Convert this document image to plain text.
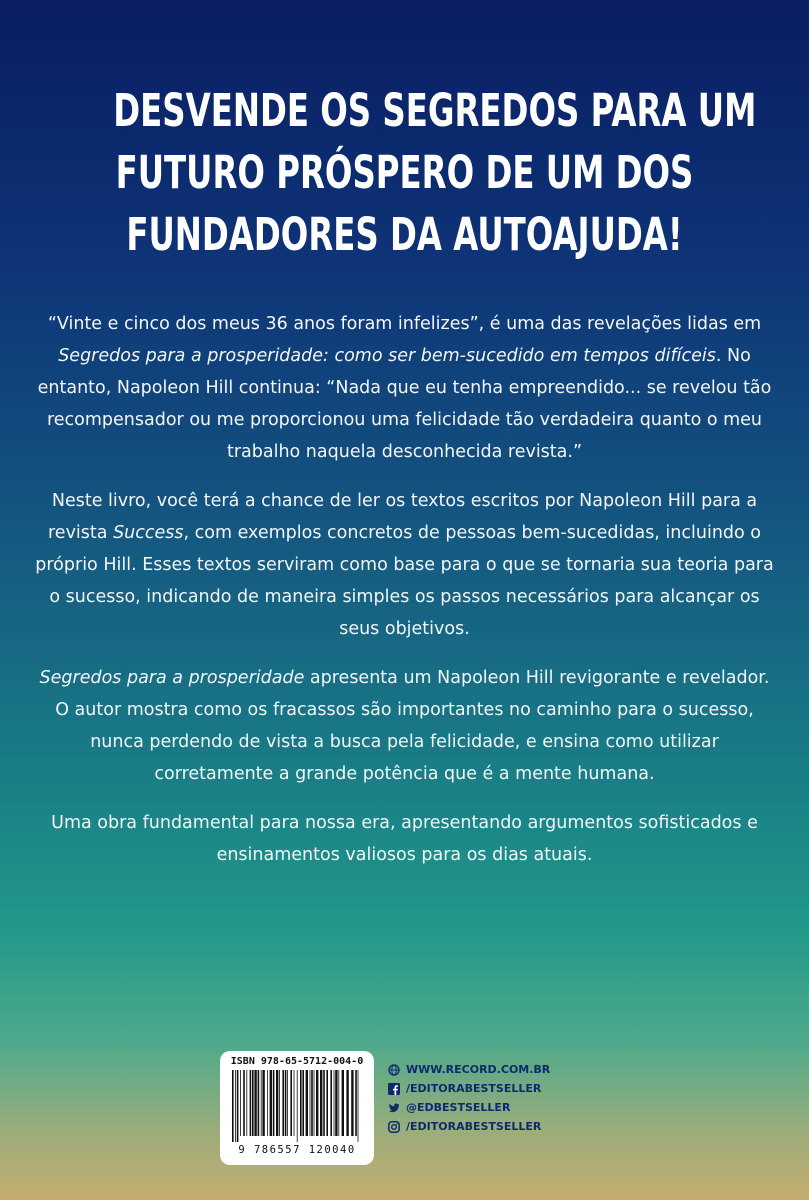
DESVENDE OS SEGREDOS PARA UM
FUTURO PRÓSPERO DE UM DOS
FUNDADORES DA AUTOAJUDA!

“Vinte e cinco dos meus 36 anos foram infelizes”, é uma das revelações lidas em Segredos para a prosperidade: como ser bem-sucedido em tempos difíceis. No entanto, Napoleon Hill continua: “Nada que eu tenha empreendido... se revelou tão recompensador ou me proporcionou uma felicidade tão verdadeira quanto o meu trabalho naquela desconhecida revista.”

Neste livro, você terá a chance de ler os textos escritos por Napoleon Hill para a revista Success, com exemplos concretos de pessoas bem-sucedidas, incluindo o próprio Hill. Esses textos serviram como base para o que se tornaria sua teoria para o sucesso, indicando de maneira simples os passos necessários para alcançar os seus objetivos.

Segredos para a prosperidade apresenta um Napoleon Hill revigorante e revelador. O autor mostra como os fracassos são importantes no caminho para o sucesso, nunca perdendo de vista a busca pela felicidade, e ensina como utilizar corretamente a grande potência que é a mente humana.

Uma obra fundamental para nossa era, apresentando argumentos sofisticados e ensinamentos valiosos para os dias atuais.

ISBN 978-65-5712-004-0
9 786557 120040
WWW.RECORD.COM.BR
/EDITORABESTSELLER
@EDBESTSELLER
/EDITORABESTSELLER
